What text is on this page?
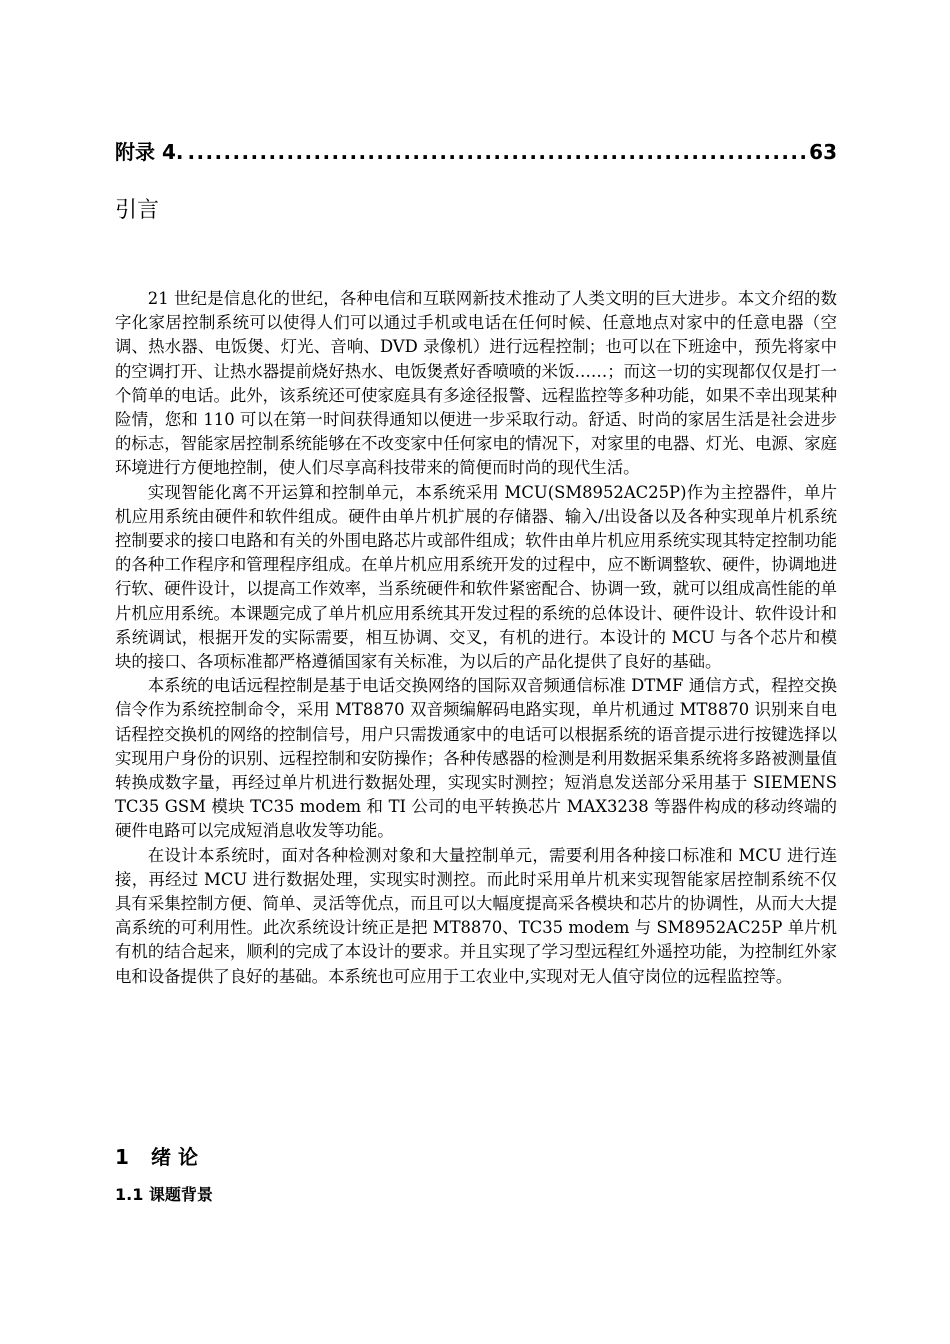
附录 4.
.....	63
引言

21 世纪是信息化的世纪，各种电信和互联网新技术推动了人类文明的巨大进步。本文介绍的数字化家居控制系统可以使得人们可以通过手机或电话在任何时候、任意地点对家中的任意电器（空调、热水器、电饭煲、灯光、音响、DVD 录像机）进行远程控制；也可以在下班途中，预先将家中的空调打开、让热水器提前烧好热水、电饭煲煮好香喷喷的米饭……；而这一切的实现都仅仅是打一个简单的电话。此外，该系统还可使家庭具有多途径报警、远程监控等多种功能，如果不幸出现某种险情，您和 110 可以在第一时间获得通知以便进一步采取行动。舒适、时尚的家居生活是社会进步的标志，智能家居控制系统能够在不改变家中任何家电的情况下，对家里的电器、灯光、电源、家庭环境进行方便地控制，使人们尽享高科技带来的简便而时尚的现代生活。

实现智能化离不开运算和控制单元，本系统采用 MCU(SM8952AC25P)作为主控器件，单片机应用系统由硬件和软件组成。硬件由单片机扩展的存储器、输入/出设备以及各种实现单片机系统控制要求的接口电路和有关的外围电路芯片或部件组成；软件由单片机应用系统实现其特定控制功能的各种工作程序和管理程序组成。在单片机应用系统开发的过程中，应不断调整软、硬件，协调地进行软、硬件设计，以提高工作效率，当系统硬件和软件紧密配合、协调一致，就可以组成高性能的单片机应用系统。本课题完成了单片机应用系统其开发过程的系统的总体设计、硬件设计、软件设计和系统调试，根据开发的实际需要，相互协调、交叉，有机的进行。本设计的 MCU 与各个芯片和模块的接口、各项标准都严格遵循国家有关标准，为以后的产品化提供了良好的基础。

本系统的电话远程控制是基于电话交换网络的国际双音频通信标准 DTMF 通信方式，程控交换信令作为系统控制命令，采用 MT8870 双音频编解码电路实现，单片机通过 MT8870 识别来自电话程控交换机的网络的控制信号，用户只需拨通家中的电话可以根据系统的语音提示进行按键选择以实现用户身份的识别、远程控制和安防操作；各种传感器的检测是利用数据采集系统将多路被测量值转换成数字量，再经过单片机进行数据处理，实现实时测控；短消息发送部分采用基于 SIEMENS TC35 GSM 模块 TC35 modem 和 TI 公司的电平转换芯片 MAX3238 等器件构成的移动终端的硬件电路可以完成短消息收发等功能。

在设计本系统时，面对各种检测对象和大量控制单元，需要利用各种接口标准和 MCU 进行连接，再经过 MCU 进行数据处理，实现实时测控。而此时采用单片机来实现智能家居控制系统不仅具有采集控制方便、简单、灵活等优点，而且可以大幅度提高采各模块和芯片的协调性，从而大大提高系统的可利用性。此次系统设计统正是把 MT8870、TC35 modem 与 SM8952AC25P 单片机有机的结合起来，顺利的完成了本设计的要求。并且实现了学习型远程红外遥控功能，为控制红外家电和设备提供了良好的基础。本系统也可应用于工农业中,实现对无人值守岗位的远程监控等。

1 绪 论
1.1 课题背景
